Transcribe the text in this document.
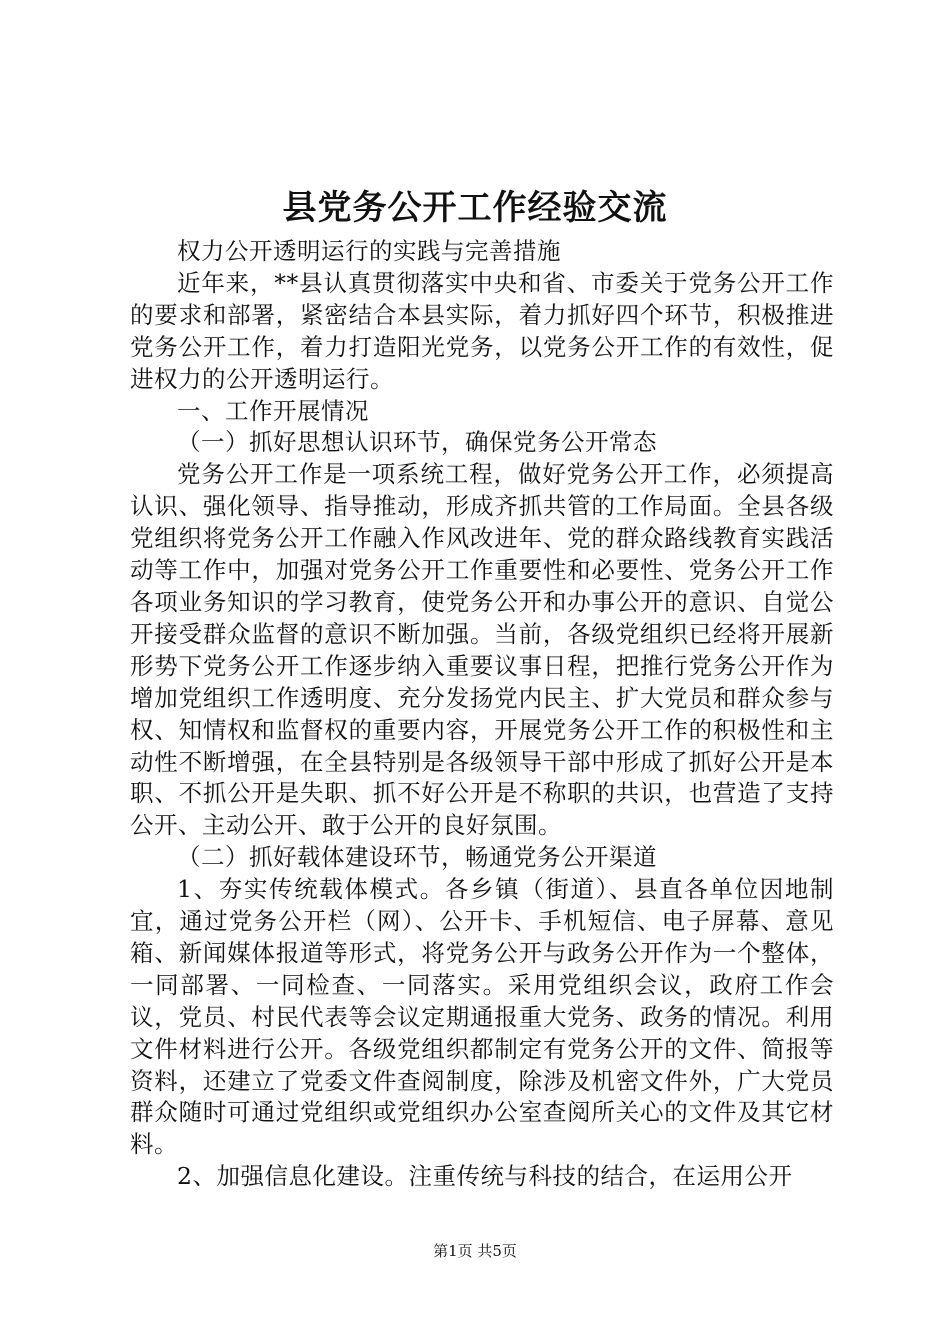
县党务公开工作经验交流

权力公开透明运行的实践与完善措施

近年来，**县认真贯彻落实中央和省、市委关于党务公开工作的要求和部署，紧密结合本县实际，着力抓好四个环节，积极推进党务公开工作，着力打造阳光党务，以党务公开工作的有效性，促进权力的公开透明运行。

一、工作开展情况

（一）抓好思想认识环节，确保党务公开常态

党务公开工作是一项系统工程，做好党务公开工作，必须提高认识、强化领导、指导推动，形成齐抓共管的工作局面。全县各级党组织将党务公开工作融入作风改进年、党的群众路线教育实践活动等工作中，加强对党务公开工作重要性和必要性、党务公开工作各项业务知识的学习教育，使党务公开和办事公开的意识、自觉公开接受群众监督的意识不断加强。当前，各级党组织已经将开展新形势下党务公开工作逐步纳入重要议事日程，把推行党务公开作为增加党组织工作透明度、充分发扬党内民主、扩大党员和群众参与权、知情权和监督权的重要内容，开展党务公开工作的积极性和主动性不断增强，在全县特别是各级领导干部中形成了抓好公开是本职、不抓公开是失职、抓不好公开是不称职的共识，也营造了支持公开、主动公开、敢于公开的良好氛围。

（二）抓好载体建设环节，畅通党务公开渠道

1、夯实传统载体模式。各乡镇（街道）、县直各单位因地制宜，通过党务公开栏（网）、公开卡、手机短信、电子屏幕、意见箱、新闻媒体报道等形式，将党务公开与政务公开作为一个整体，一同部署、一同检查、一同落实。采用党组织会议，政府工作会议，党员、村民代表等会议定期通报重大党务、政务的情况。利用文件材料进行公开。各级党组织都制定有党务公开的文件、简报等资料，还建立了党委文件查阅制度，除涉及机密文件外，广大党员群众随时可通过党组织或党组织办公室查阅所关心的文件及其它材料。

2、加强信息化建设。注重传统与科技的结合，在运用公开

第1页 共5页
